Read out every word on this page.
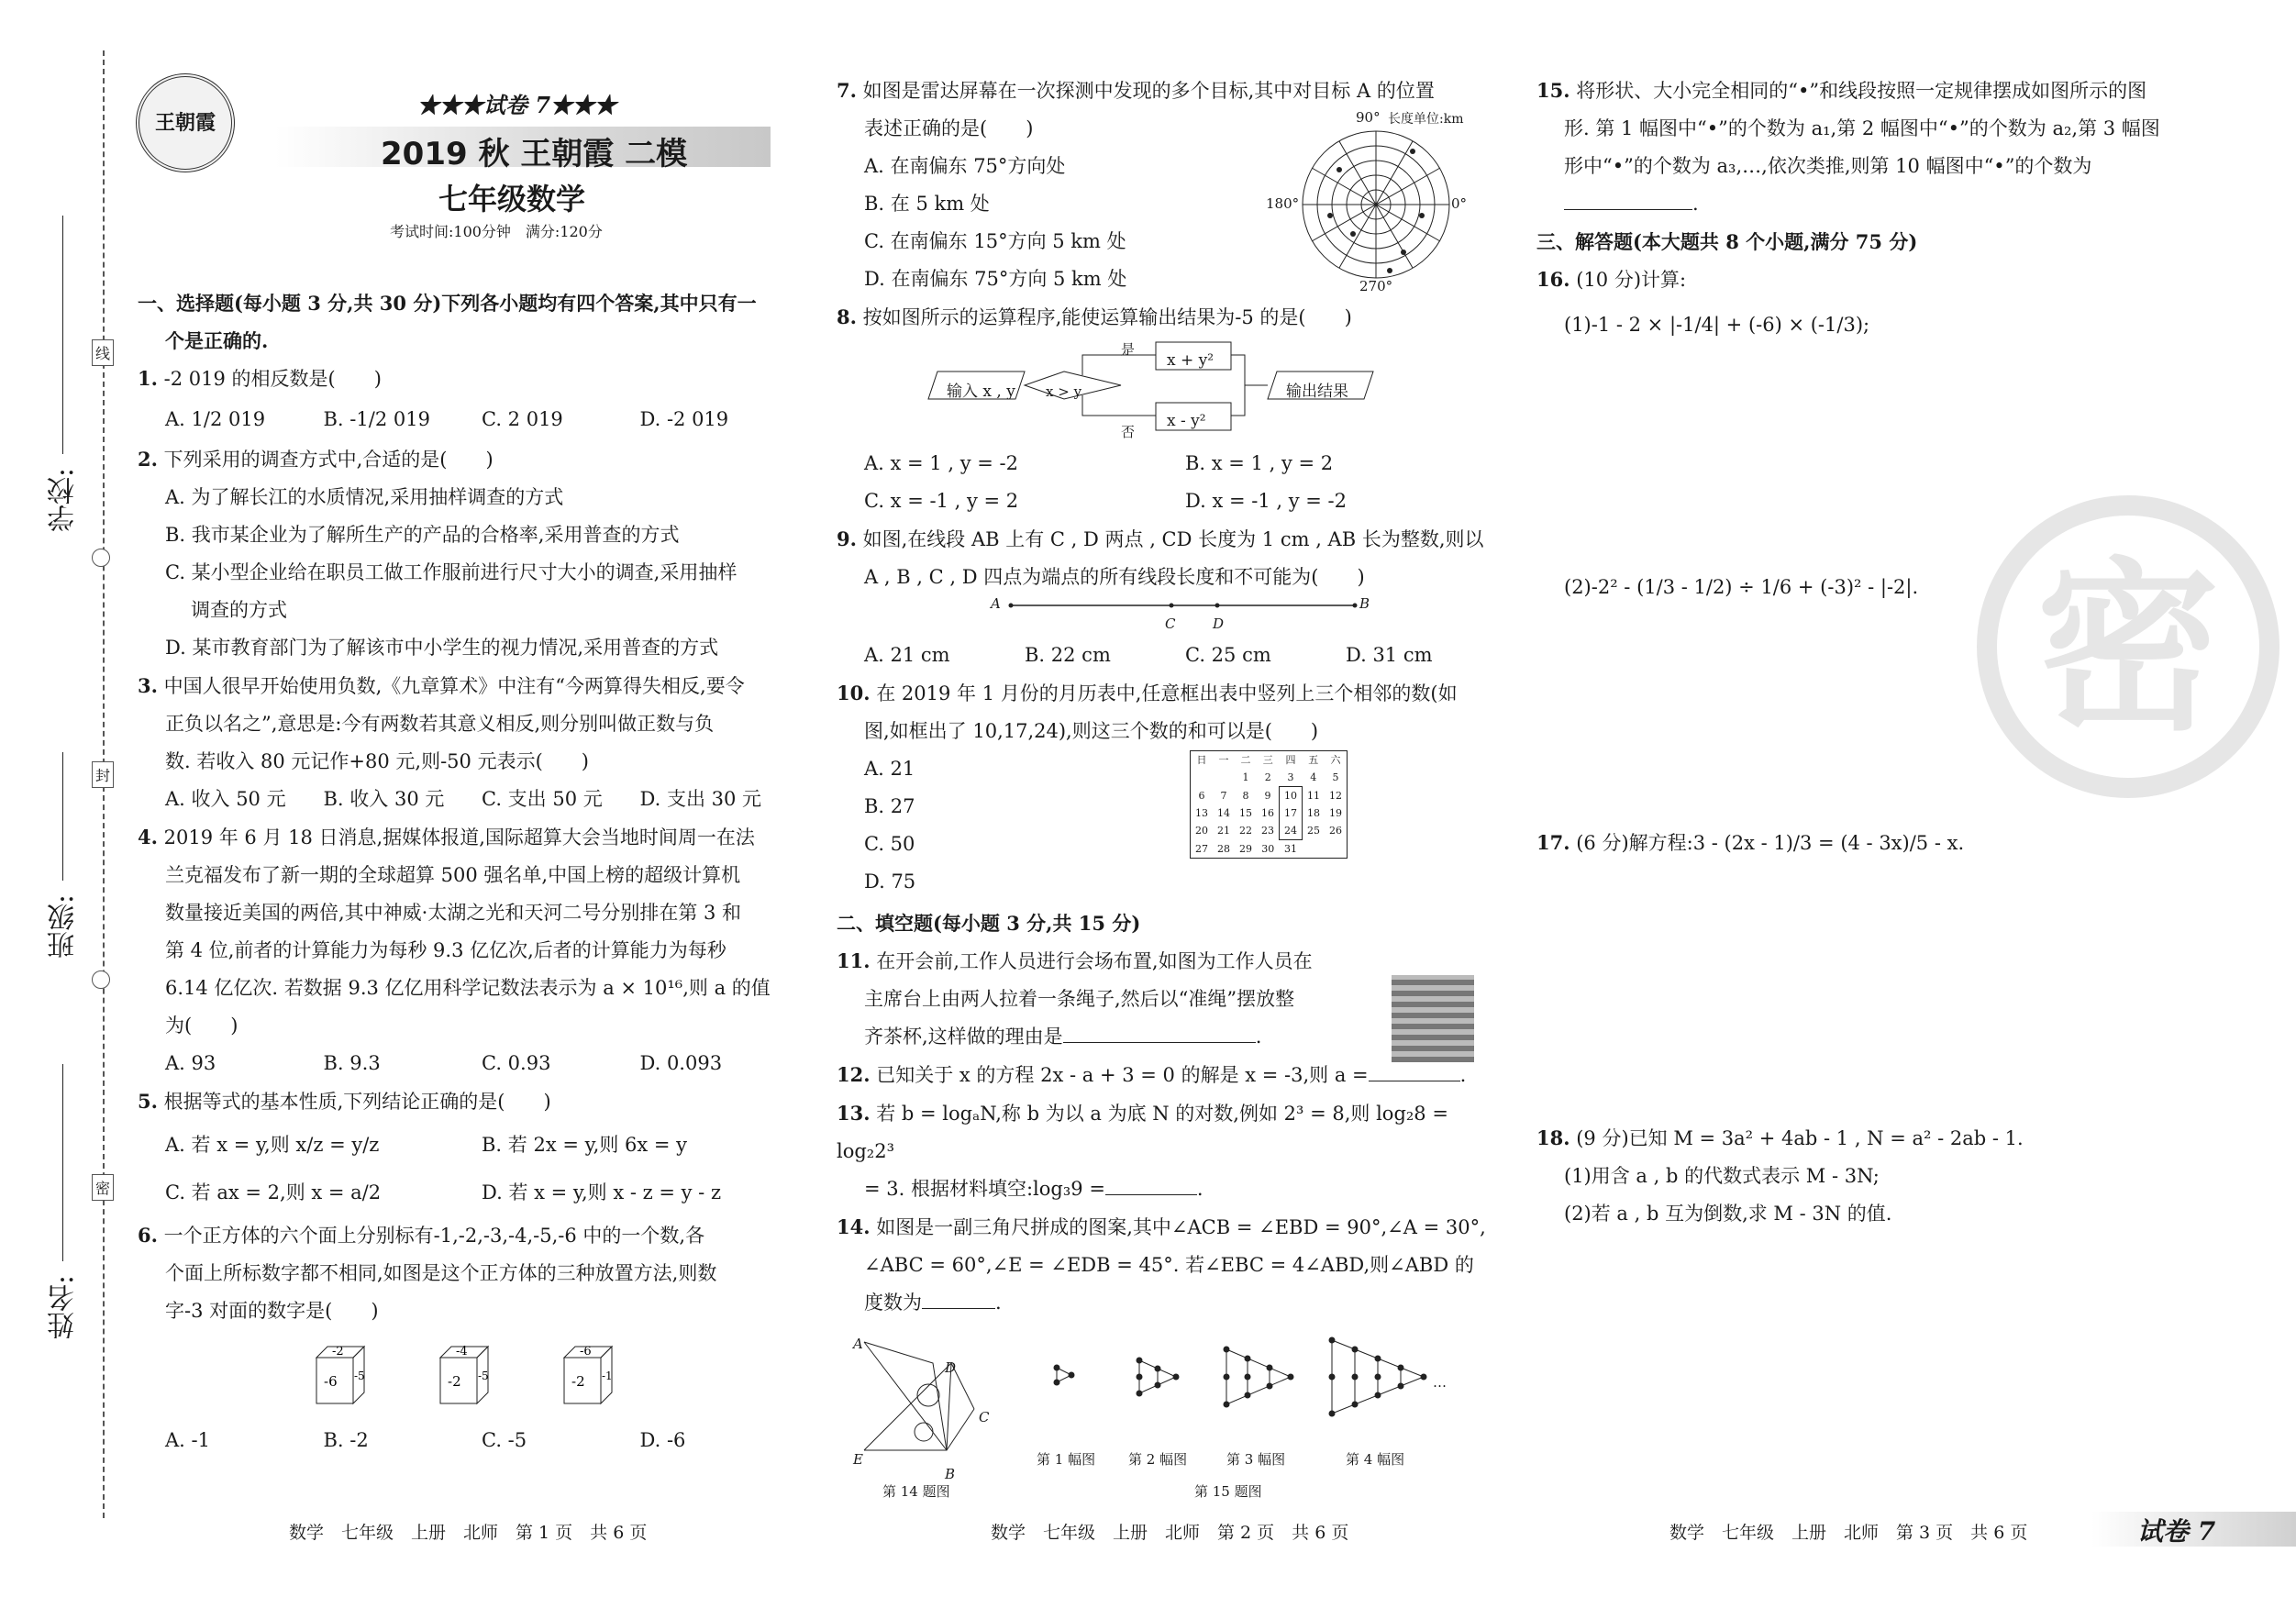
学校:
班级:
姓名:
线
封
密
王朝霞
★★★试卷 7★★★
2019 秋 王朝霞 二模
七年级数学
考试时间:100分钟　满分:120分

一、选择题(每小题 3 分,共 30 分)下列各小题均有四个答案,其中只有一

个是正确的.

1. -2 019 的相反数是(　　)

A. 1/2 019	B. -1/2 019	C. 2 019	D. -2 019

2. 下列采用的调查方式中,合适的是(　　)

A. 为了解长江的水质情况,采用抽样调查的方式

B. 我市某企业为了解所生产的产品的合格率,采用普查的方式

C. 某小型企业给在职员工做工作服前进行尺寸大小的调查,采用抽样

调查的方式

D. 某市教育部门为了解该市中小学生的视力情况,采用普查的方式

3. 中国人很早开始使用负数,《九章算术》中注有“今两算得失相反,要令

正负以名之”,意思是:今有两数若其意义相反,则分别叫做正数与负

数. 若收入 80 元记作+80 元,则-50 元表示(　　)

A. 收入 50 元	B. 收入 30 元	C. 支出 50 元	D. 支出 30 元

4. 2019 年 6 月 18 日消息,据媒体报道,国际超算大会当地时间周一在法

兰克福发布了新一期的全球超算 500 强名单,中国上榜的超级计算机

数量接近美国的两倍,其中神威·太湖之光和天河二号分别排在第 3 和

第 4 位,前者的计算能力为每秒 9.3 亿亿次,后者的计算能力为每秒

6.14 亿亿次. 若数据 9.3 亿亿用科学记数法表示为 a × 10¹⁶,则 a 的值

为(　　)

A. 93	B. 9.3	C. 0.93	D. 0.093

5. 根据等式的基本性质,下列结论正确的是(　　)

A. 若 x = y,则 x/z = y/z	B. 若 2x = y,则 6x = y
C. 若 ax = 2,则 x = a/2	D. 若 x = y,则 x - z = y - z

6. 一个正方体的六个面上分别标有-1,-2,-3,-4,-5,-6 中的一个数,各

个面上所标数字都不相同,如图是这个正方体的三种放置方法,则数

字-3 对面的数字是(　　)

-2
-6 -5
-4
-2 -5
-6
-2 -1
A. -1	B. -2	C. -5	D. -6

7. 如图是雷达屏幕在一次探测中发现的多个目标,其中对目标 A 的位置

表述正确的是(　　)

A. 在南偏东 75°方向处

B. 在 5 km 处

C. 在南偏东 15°方向 5 km 处

D. 在南偏东 75°方向 5 km 处

8. 按如图所示的运算程序,能使运算输出结果为-5 的是(　　)

输入 x , y x > y
是
否
x + y²
x - y²
输出结果
A. x = 1 , y = -2	B. x = 1 , y = 2
C. x = -1 , y = 2	D. x = -1 , y = -2

9. 如图,在线段 AB 上有 C , D 两点 , CD 长度为 1 cm , AB 长为整数,则以

A , B , C , D 四点为端点的所有线段长度和不可能为(　　)

A
C	D
B
A. 21 cm	B. 22 cm	C. 25 cm	D. 31 cm

10. 在 2019 年 1 月份的月历表中,任意框出表中竖列上三个相邻的数(如

图,如框出了 10,17,24),则这三个数的和可以是(　　)

A. 21

B. 27

C. 50

D. 75

日	一	二	三	四	五	六
		1	2	3	4	5
6	7	8	9	10	11	12
13	14	15	16	17	18	19
20	21	22	23	24	25	26
27	28	29	30	31		

二、填空题(每小题 3 分,共 15 分)

11. 在开会前,工作人员进行会场布置,如图为工作人员在

主席台上由两人拉着一条绳子,然后以“准绳”摆放整

齐茶杯,这样做的理由是	.

12. 已知关于 x 的方程 2x - a + 3 = 0 的解是 x = -3,则 a =	.

13. 若 b = logₐN,称 b 为以 a 为底 N 的对数,例如 2³ = 8,则 log₂8 = log₂2³

= 3. 根据材料填空:log₃9 =	.

14. 如图是一副三角尺拼成的图案,其中∠ACB = ∠EBD = 90°,∠A = 30°,

∠ABC = 60°,∠E = ∠EDB = 45°. 若∠EBC = 4∠ABD,则∠ABD 的

度数为	.

A
D
C
E
B
…
第 1 幅图 第 2 幅图	第 3 幅图	第 4 幅图
第 14 题图	第 15 题图
90° 长度单位:km
180°	0°
270°
密

15. 将形状、大小完全相同的“•”和线段按照一定规律摆成如图所示的图

形. 第 1 幅图中“•”的个数为 a₁,第 2 幅图中“•”的个数为 a₂,第 3 幅图

形中“•”的个数为 a₃,…,依次类推,则第 10 幅图中“•”的个数为

.

三、解答题(本大题共 8 个小题,满分 75 分)

16. (10 分)计算:

(1)-1 - 2 × |-1/4| + (-6) × (-1/3);

(2)-2² - (1/3 - 1/2) ÷ 1/6 + (-3)² - |-2|.

17. (6 分)解方程:3 - (2x - 1)/3 = (4 - 3x)/5 - x.

18. (9 分)已知 M = 3a² + 4ab - 1 , N = a² - 2ab - 1.

(1)用含 a , b 的代数式表示 M - 3N;

(2)若 a , b 互为倒数,求 M - 3N 的值.

数学　七年级　上册　北师　第 1 页　共 6 页	数学　七年级　上册　北师　第 2 页　共 6 页	数学　七年级　上册　北师　第 3 页　共 6 页	试卷 7
